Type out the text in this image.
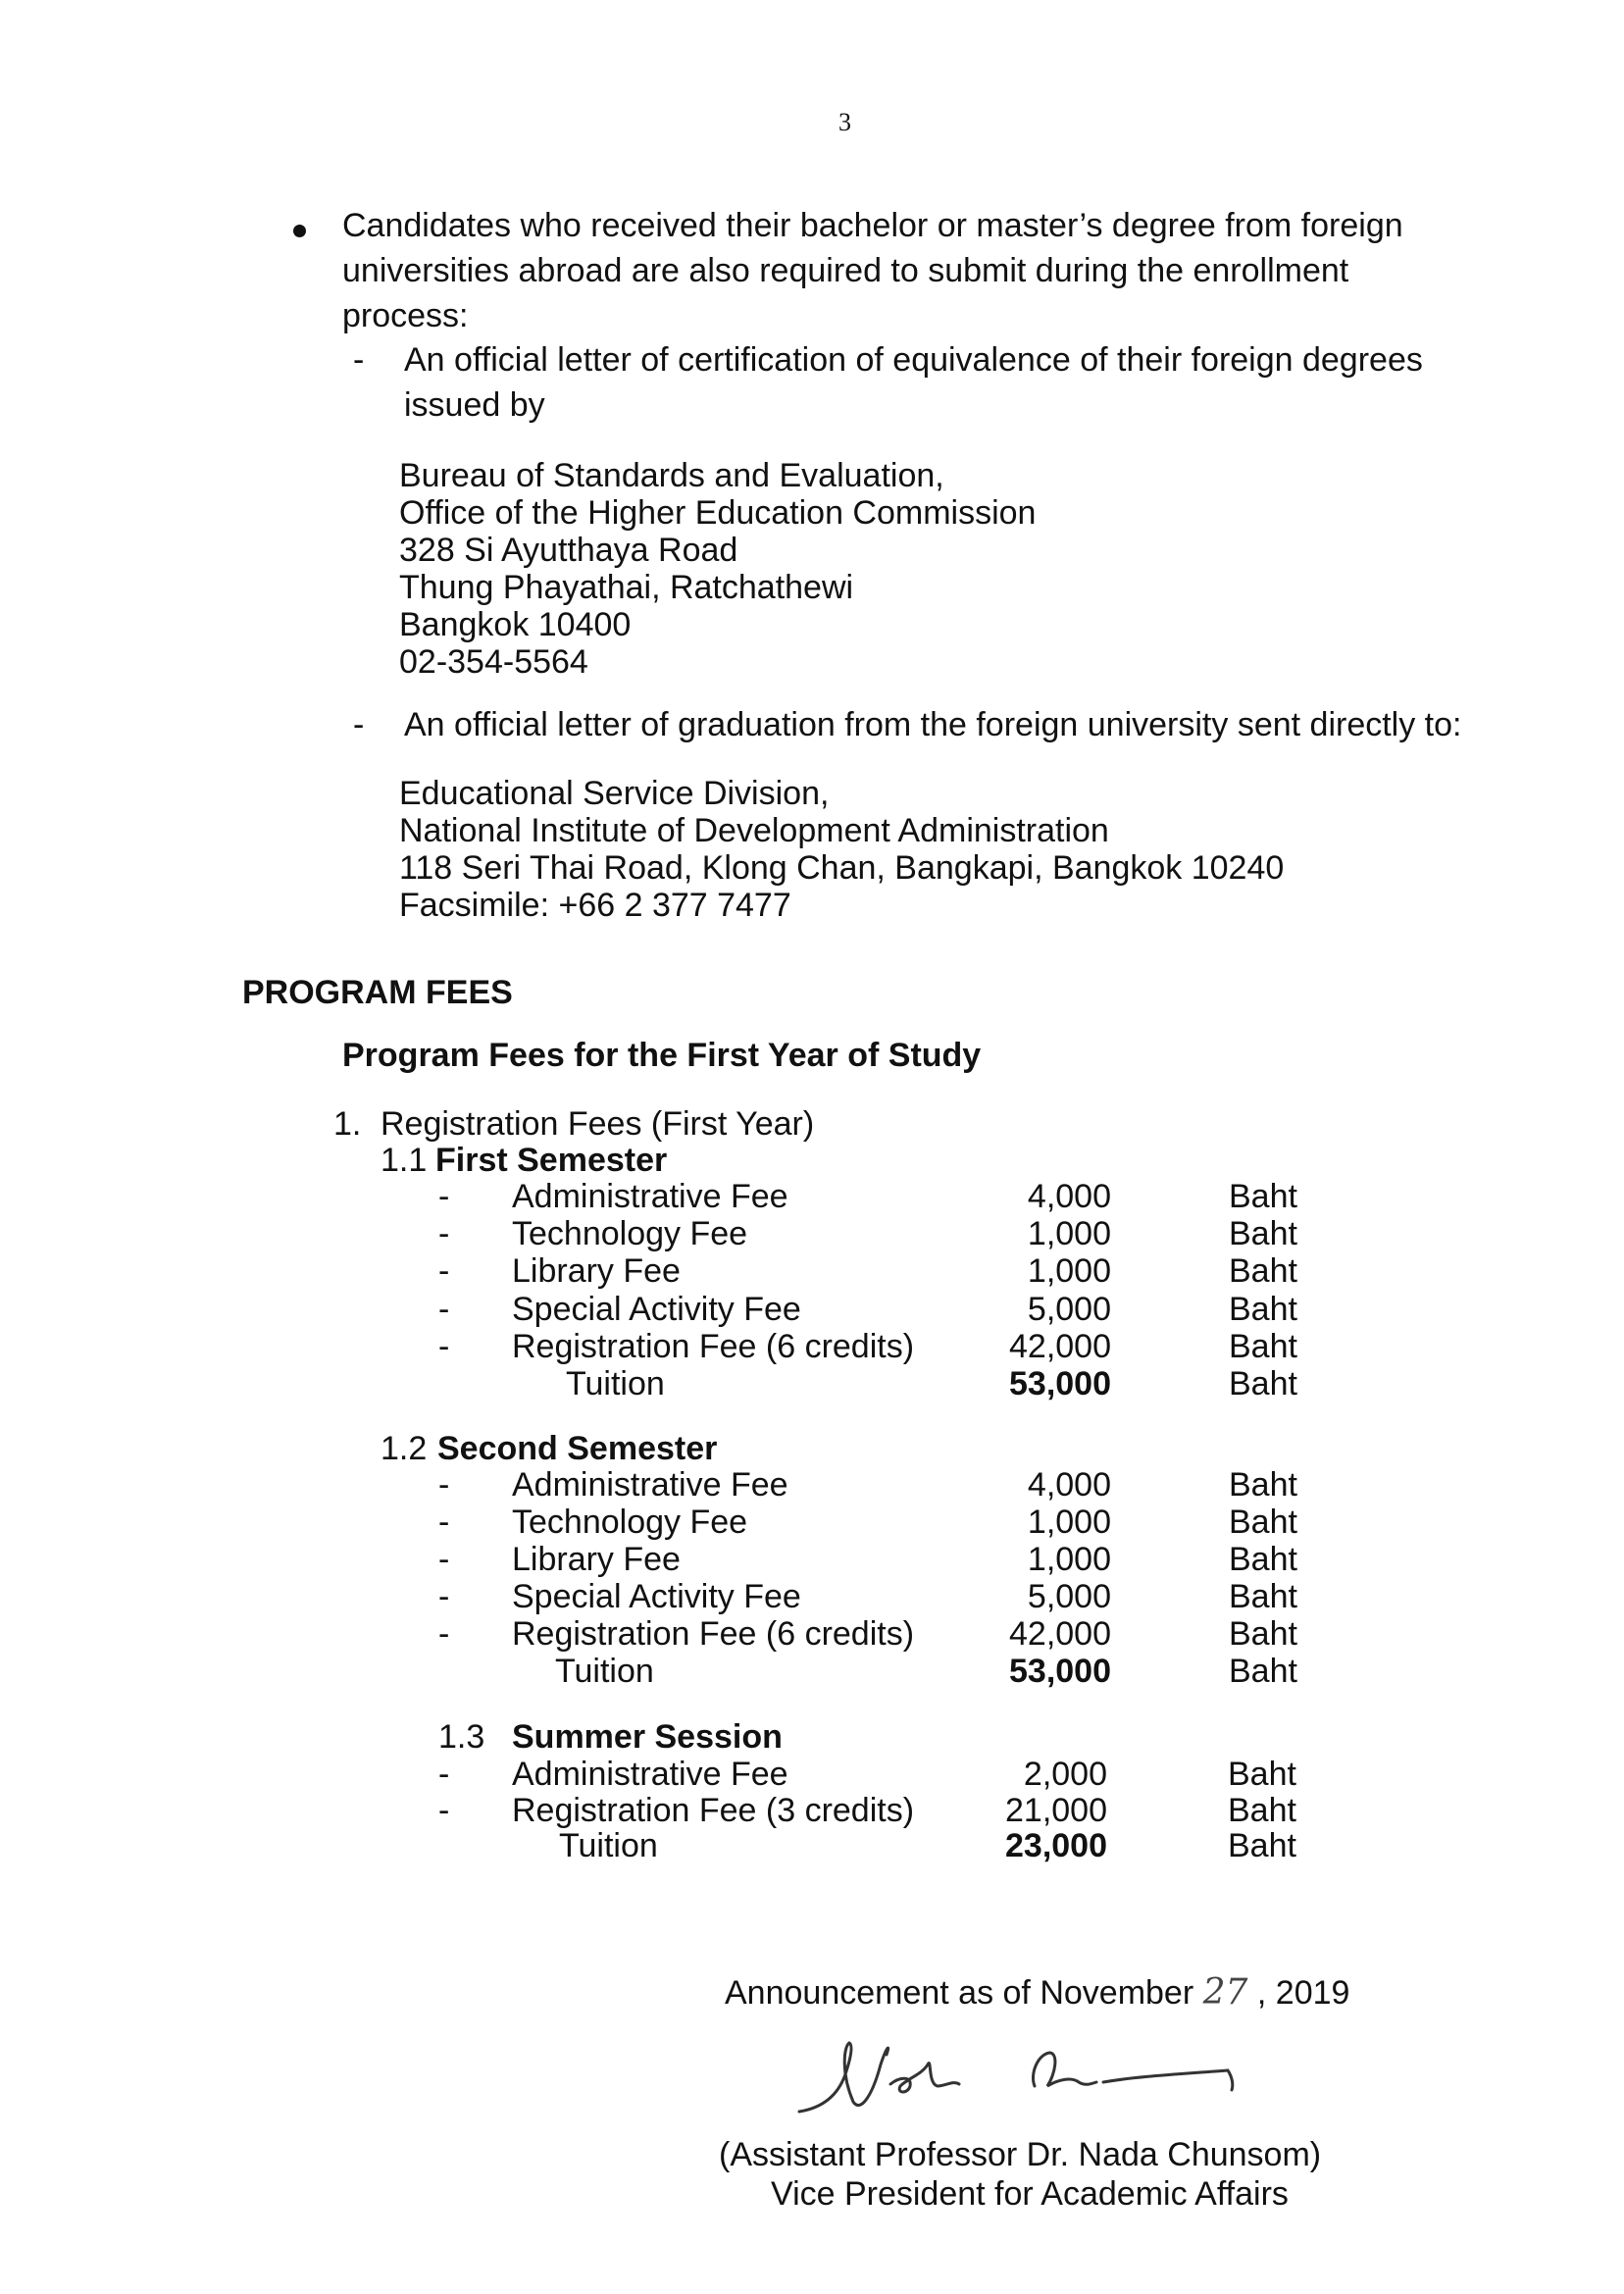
3
Candidates who received their bachelor or master’s degree from foreign
universities abroad are also required to submit during the enrollment
process:
- An official letter of certification of equivalence of their foreign degrees
issued by
Bureau of Standards and Evaluation,
Office of the Higher Education Commission
328 Si Ayutthaya Road
Thung Phayathai, Ratchathewi
Bangkok 10400
02-354-5564
- An official letter of graduation from the foreign university sent directly to:
Educational Service Division,
National Institute of Development Administration
118 Seri Thai Road, Klong Chan, Bangkapi, Bangkok 10240
Facsimile: +66 2 377 7477
PROGRAM FEES
Program Fees for the First Year of Study
1. Registration Fees (First Year)
1.1 First Semester
- Administrative Fee	4,000	Baht
- Technology Fee	1,000	Baht
- Library Fee	1,000	Baht
- Special Activity Fee	5,000	Baht
- Registration Fee (6 credits)	42,000	Baht
Tuition	53,000	Baht
1.2 Second Semester
- Administrative Fee	4,000	Baht
- Technology Fee	1,000	Baht
- Library Fee	1,000	Baht
- Special Activity Fee	5,000	Baht
- Registration Fee (6 credits)	42,000	Baht
Tuition	53,000	Baht
1.3 Summer Session
- Administrative Fee	2,000	Baht
- Registration Fee (3 credits)	21,000	Baht
Tuition	23,000	Baht
Announcement as of November 27 , 2019
(Assistant Professor Dr. Nada Chunsom)
Vice President for Academic Affairs
